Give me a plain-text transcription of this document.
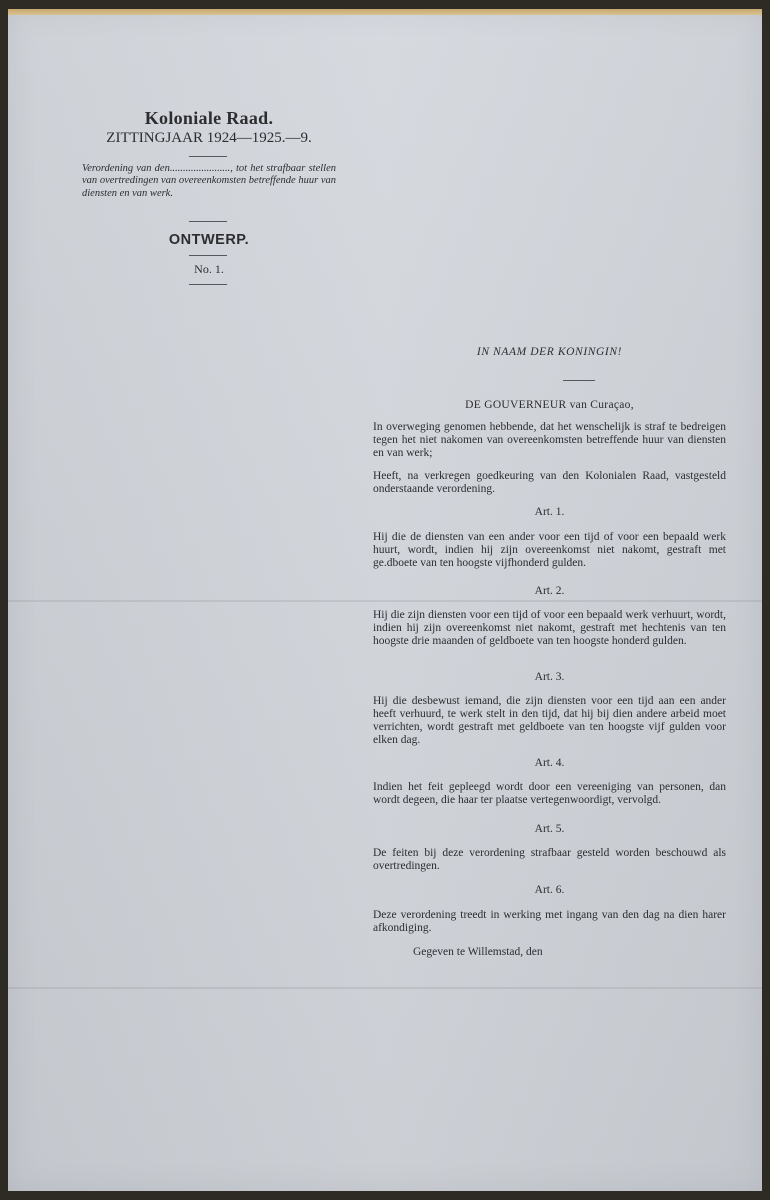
Koloniale Raad.
ZITTINGJAAR 1924—1925.—9.
Verordening van den......................., tot het strafbaar stellen van overtredingen van overeenkomsten betreffende huur van diensten en van werk.
ONTWERP.
No. 1.
IN NAAM DER KONINGIN!
DE GOUVERNEUR van Curaçao,
In overweging genomen hebbende, dat het wenschelijk is straf te bedreigen tegen het niet nakomen van overeenkomsten betreffende huur van diensten en van werk;
Heeft, na verkregen goedkeuring van den Kolonialen Raad, vastgesteld onderstaande verordening.
Art. 1.
Hij die de diensten van een ander voor een tijd of voor een bepaald werk huurt, wordt, indien hij zijn overeenkomst niet nakomt, gestraft met ge.dboete van ten hoogste vijfhonderd gulden.
Art. 2.
Hij die zijn diensten voor een tijd of voor een bepaald werk verhuurt, wordt, indien hij zijn overeenkomst niet nakomt, gestraft met hechtenis van ten hoogste drie maanden of geldboete van ten hoogste honderd gulden.
Art. 3.
Hij die desbewust iemand, die zijn diensten voor een tijd aan een ander heeft verhuurd, te werk stelt in den tijd, dat hij bij dien andere arbeid moet verrichten, wordt gestraft met geldboete van ten hoogste vijf gulden voor elken dag.
Art. 4.
Indien het feit gepleegd wordt door een vereeniging van personen, dan wordt degeen, die haar ter plaatse vertegenwoordigt, vervolgd.
Art. 5.
De feiten bij deze verordening strafbaar gesteld worden beschouwd als overtredingen.
Art. 6.
Deze verordening treedt in werking met ingang van den dag na dien harer afkondiging.
Gegeven te Willemstad, den
